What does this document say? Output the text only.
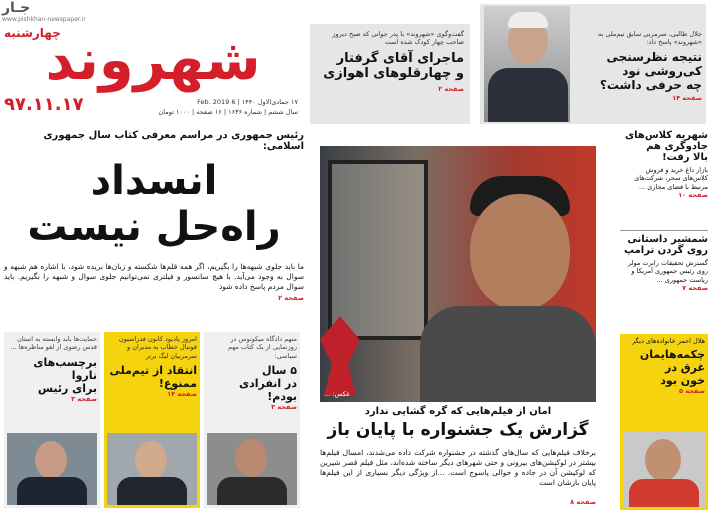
جـار
www.pishkhan-newspaper.ir
چهارشنبه
شهروند
۹۷.۱۱.۱۷	۱۷ جمادی‌الاول ۱۴۴۰ | 6 Feb. 2019
سال ششم | شماره ۱۶۳۶ | ۱۶ صفحه | ۱۰۰۰ تومان
گفت‌وگوی «شهروند» با پدر جوانی که صبح دیروز صاحب چهار کودک شده است
ماجرای آقای گرفتار
و چهارقلوهای اهوازی
صفحه ۲
جلال طالبی، سرمربی سابق تیم‌ملی به «شهروند» پاسخ داد:
نتیجه نظرسنجی
کی‌روشی نود
چه حرفی داشت؟
صفحه ۱۴
رئیس جمهوری در مراسم معرفی کتاب سال جمهوری اسلامی:
انسداد
راه‌حل نیست
ما باید جلوی شبهه‌ها را بگیریم، اگر همه قلم‌ها شکسته و زبان‌ها بریده شود، با اشاره هم شبهه و سوال به وجود می‌آید. با هیچ سانسور و فیلتری نمی‌توانیم جلوی سوال و شبهه را بگیریم. باید سوال مردم پاسخ داده شود
صفحه ۲
حمایت‌ها باید وابسته به استان قدس رضوی از لغو مناظره‌ها ...
برچسب‌های ناروا
برای رئیس
صفحه ۳
امروز یادبود کانون فدراسیون فوتبال خطاب به مدیران و سرمربیان لیگ برتر
انتقاد از تیم‌ملی
ممنوع!
صفحه ۱۴
متهم دادگاه میکونوس در روزنمایی از یک کتاب مهم سیاسی:
۵ سال
در انفرادی بودم!
صفحه ۳
عکس: ...
امان از فیلم‌هایی که گره گشایی ندارد
گزارش یک جشنواره با پایان باز
برخلاف فیلم‌هایی که سال‌های گذشته در جشنواره شرکت داده می‌شدند، امسال فیلم‌ها بیشتر در لوکیشن‌های بیرونی و حتی شهرهای دیگر ساخته شده‌اند، مثل فیلم قصر شیرین که لوکیشن آن در جاده و حوالی پاسوج است. ...از ویژگی دیگر بسیاری از این فیلم‌ها پایان بازشان است
صفحه ۸
شهریه کلاس‌های
جادوگری هم
بالا رفت!
بازار داغ خرید و فروش کلاس‌های سحر، شرکت‌های مرتبط با فضای مجازی ...
صفحه ۱۰
شمشیر داستانی
روی گردن ترامپ
گسترش تحقیقات رابرت مولر روی رئیس جمهوری آمریکا و ریاست جمهوری ...
صفحه ۷
هلال احمر خانواده‌های دیگر
چکمه‌هایمان
غرق در
خون بود
صفحه ۵
